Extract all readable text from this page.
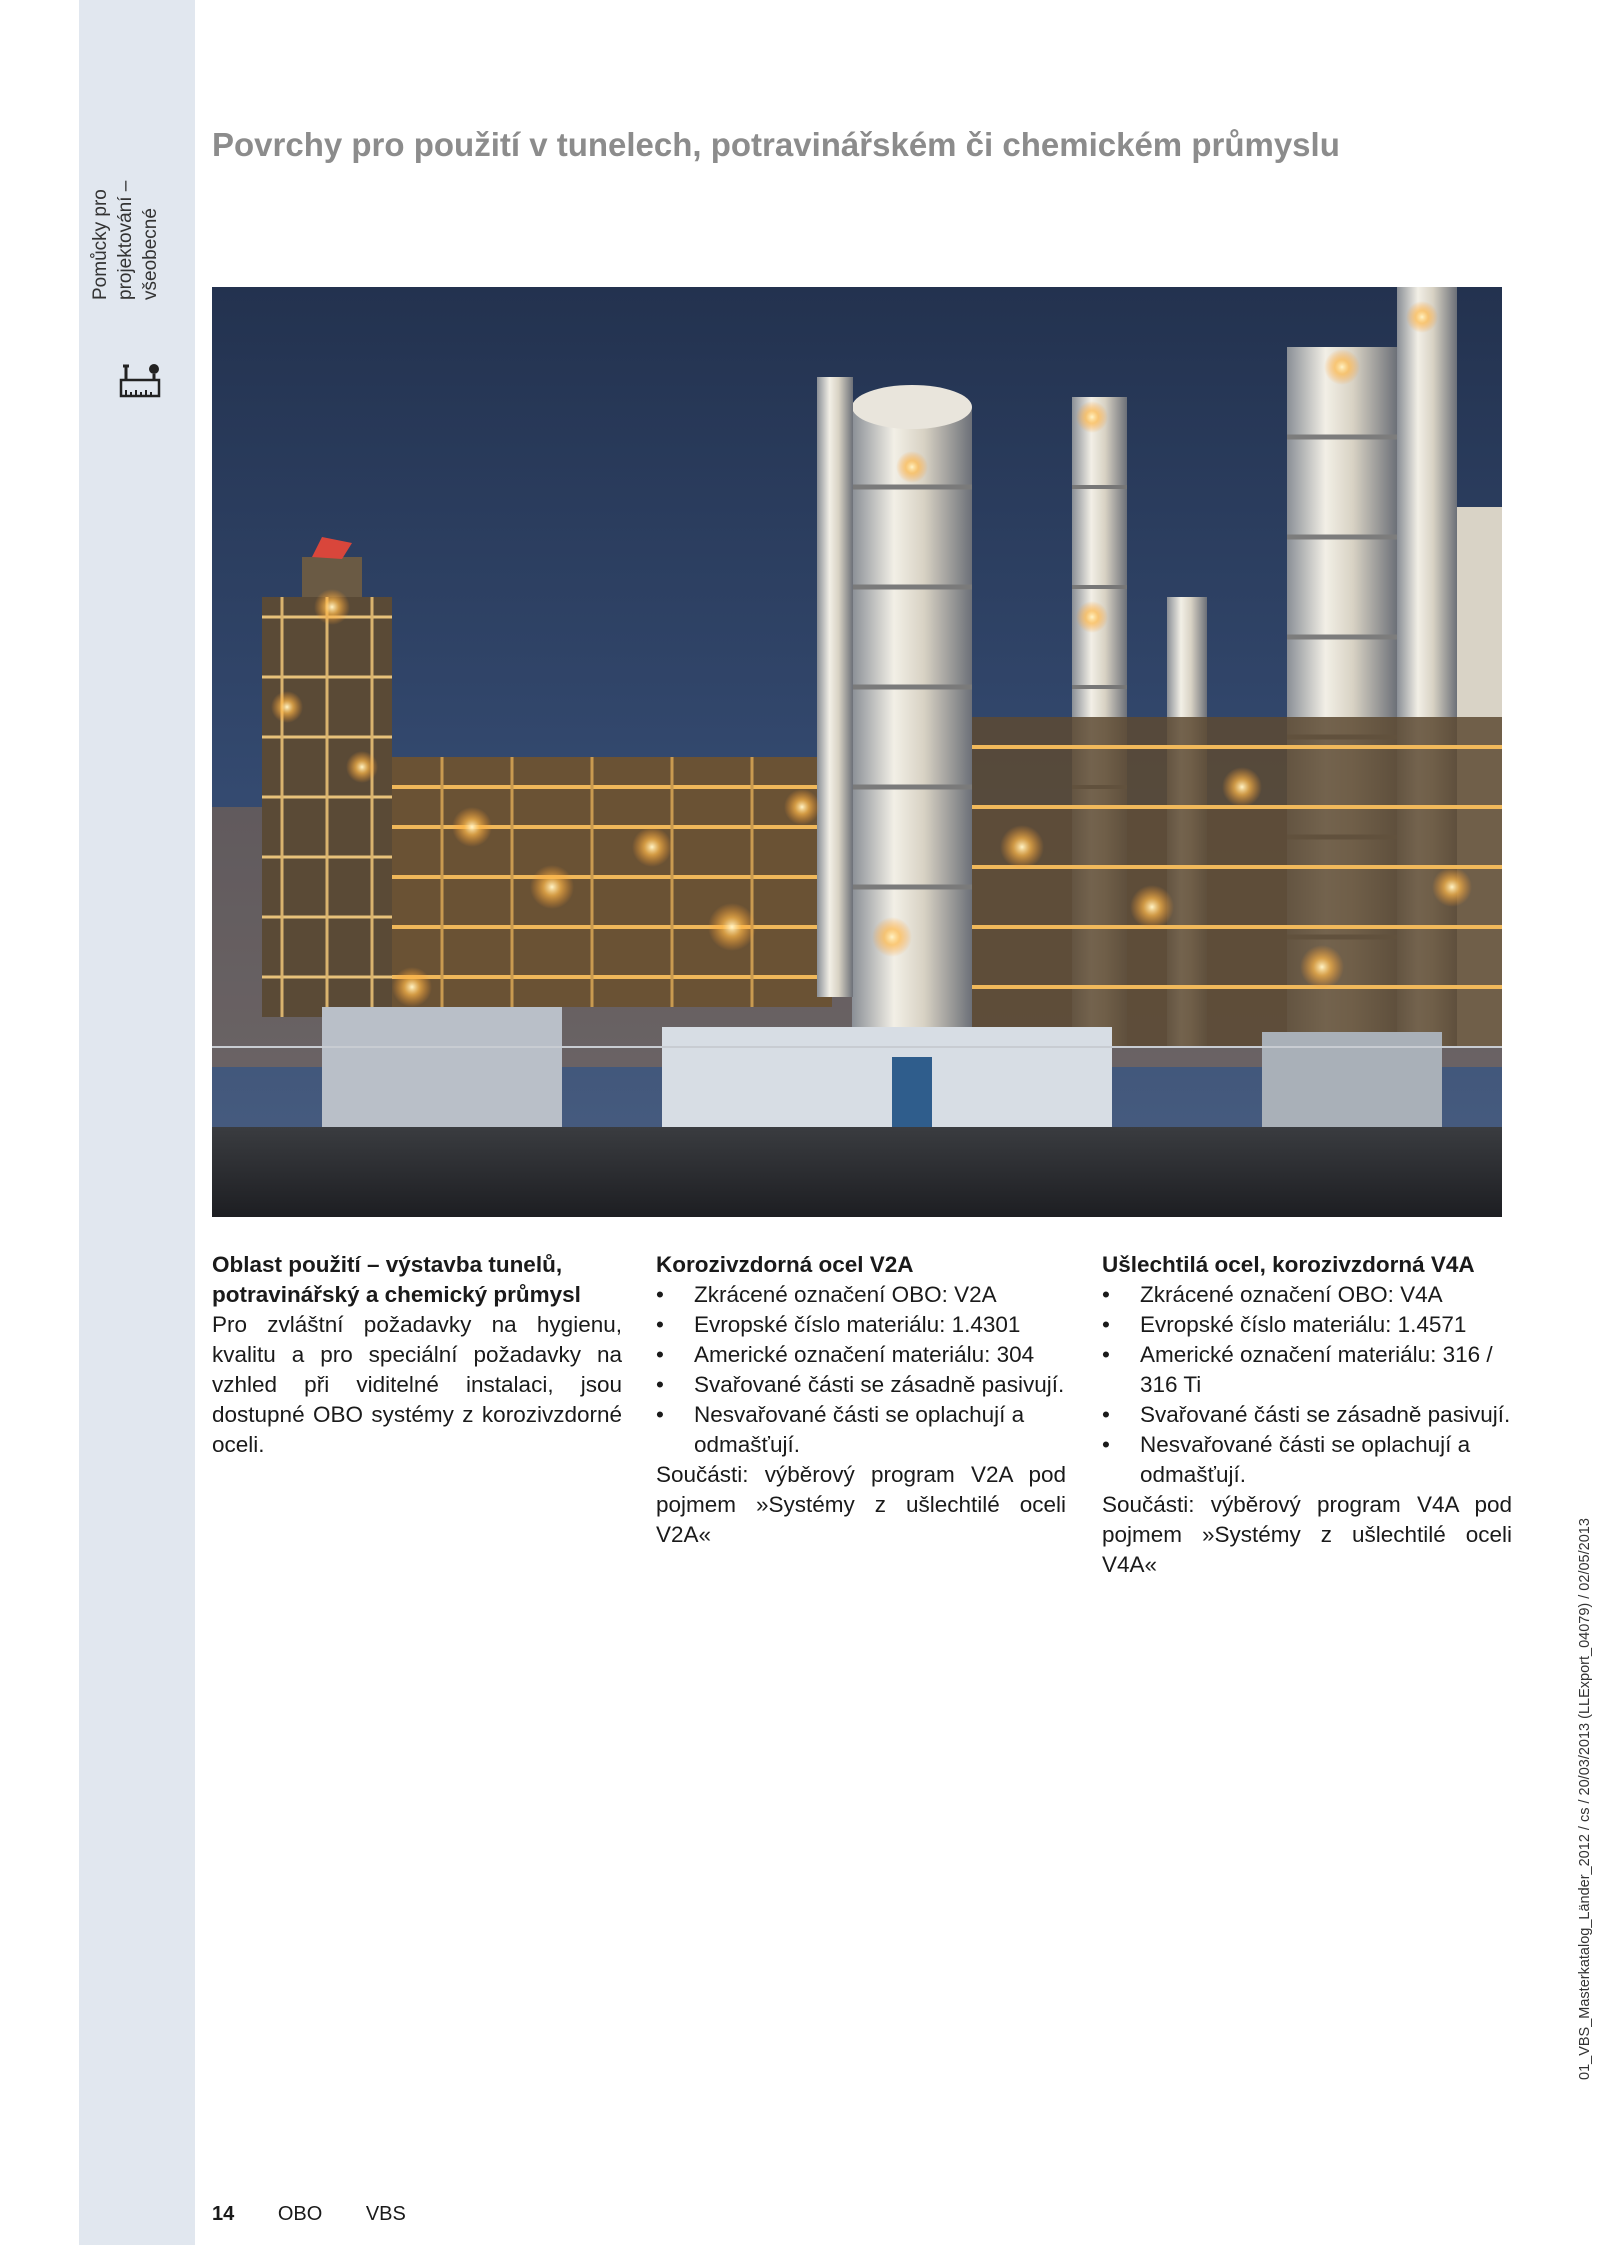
Pomůcky pro projektování – všeobecné
Povrchy pro použití v tunelech, potravinářském či chemickém průmyslu
Oblast použití – výstavba tunelů, potravinářský a chemický průmysl

Pro zvláštní požadavky na hygienu, kvalitu a pro speciální požadavky na vzhled při viditelné instalaci, jsou dostupné OBO systémy z korozivzdorné oceli.

Korozivzdorná ocel V2A
• Zkrácené označení OBO: V2A
• Evropské číslo materiálu: 1.4301
• Americké označení materiálu: 304
• Svařované části se zásadně pasivují.
• Nesvařované části se oplachují a odmašťují.

Součásti: výběrový program V2A pod pojmem »Systémy z ušlechtilé oceli V2A«

Ušlechtilá ocel, korozivzdorná V4A
• Zkrácené označení OBO: V4A
• Evropské číslo materiálu: 1.4571
• Americké označení materiálu: 316 / 316 Ti
• Svařované části se zásadně pasivují.
• Nesvařované části se oplachují a odmašťují.

Součásti: výběrový program V4A pod pojmem »Systémy z ušlechtilé oceli V4A«

14 OBO VBS
01_VBS_Masterkatalog_Länder_2012 / cs / 20/03/2013 (LLExport_04079) / 02/05/2013
